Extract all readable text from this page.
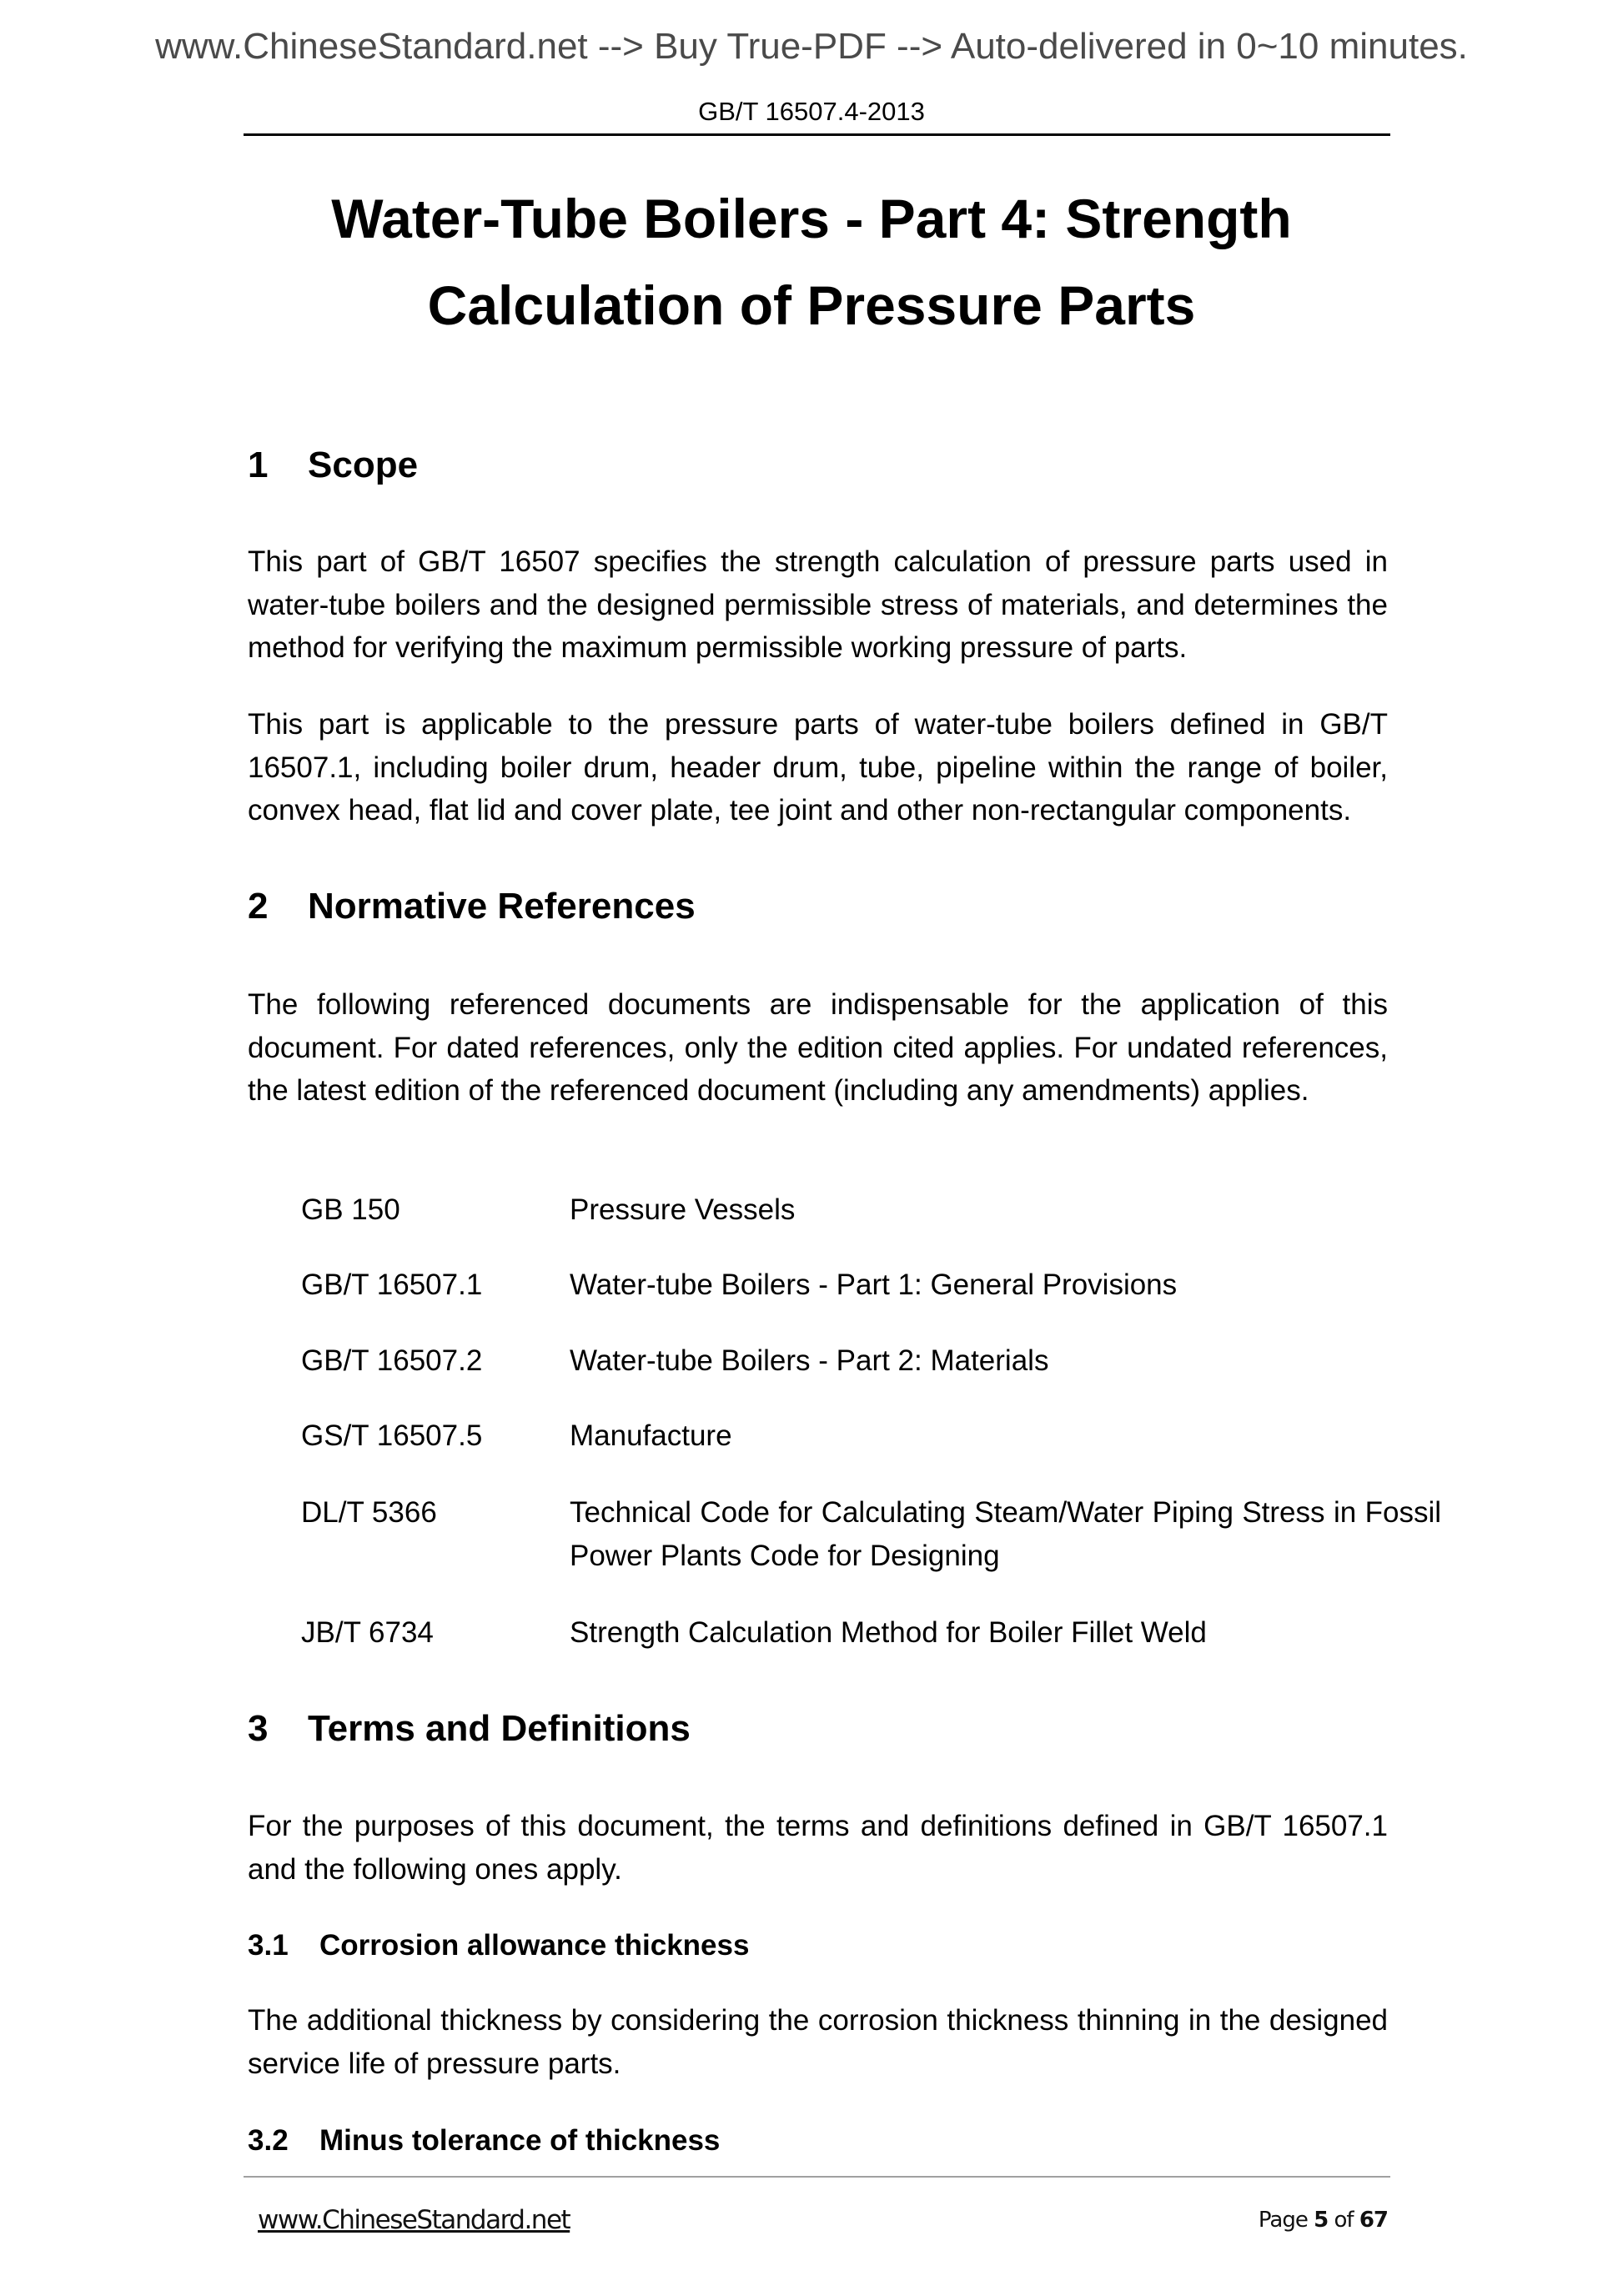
www.ChineseStandard.net --> Buy True-PDF --> Auto-delivered in 0~10 minutes.
GB/T 16507.4-2013
Water-Tube Boilers - Part 4: Strength
Calculation of Pressure Parts
1 Scope
This part of GB/T 16507 specifies the strength calculation of pressure parts used in water-tube boilers and the designed permissible stress of materials, and determines the method for verifying the maximum permissible working pressure of parts.
This part is applicable to the pressure parts of water-tube boilers defined in GB/T 16507.1, including boiler drum, header drum, tube, pipeline within the range of boiler, convex head, flat lid and cover plate, tee joint and other non-rectangular components.
2 Normative References
The following referenced documents are indispensable for the application of this document. For dated references, only the edition cited applies. For undated references, the latest edition of the referenced document (including any amendments) applies.
GB 150	Pressure Vessels
GB/T 16507.1	Water-tube Boilers - Part 1: General Provisions
GB/T 16507.2	Water-tube Boilers - Part 2: Materials
GS/T 16507.5	Manufacture
DL/T 5366	Technical Code for Calculating Steam/Water Piping Stress in Fossil Power Plants Code for Designing
JB/T 6734	Strength Calculation Method for Boiler Fillet Weld
3 Terms and Definitions
For the purposes of this document, the terms and definitions defined in GB/T 16507.1 and the following ones apply.
3.1 Corrosion allowance thickness
The additional thickness by considering the corrosion thickness thinning in the designed service life of pressure parts.
3.2 Minus tolerance of thickness
www.ChineseStandard.net	Page 5 of 67
